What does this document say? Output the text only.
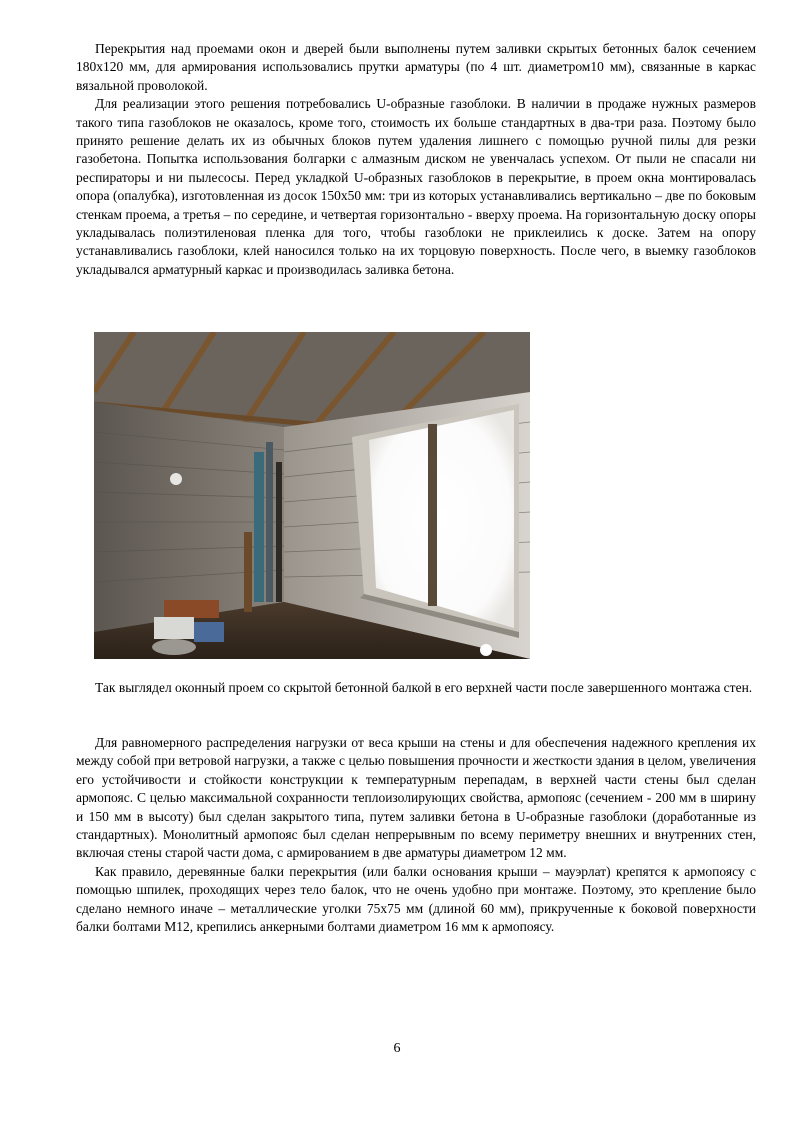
Перекрытия над проемами окон и дверей были выполнены путем заливки скрытых бетонных балок сечением 180х120 мм, для армирования использовались прутки арматуры (по 4 шт. диаметром10 мм), связанные в каркас вязальной проволокой.

Для реализации этого решения потребовались U-образные газоблоки. В наличии в продаже нужных размеров такого типа газоблоков не оказалось, кроме того, стоимость их больше стандартных в два-три раза. Поэтому было принято решение делать их из обычных блоков путем удаления лишнего с помощью ручной пилы для резки газобетона. Попытка использования болгарки с алмазным диском не увенчалась успехом. От пыли не спасали ни респираторы и ни пылесосы. Перед укладкой U-образных газоблоков в перекрытие, в проем окна монтировалась опора (опалубка), изготовленная из досок 150х50 мм: три из которых устанавливались вертикально – две по боковым стенкам проема, а третья – по середине, и четвертая горизонтально - вверху проема. На горизонтальную доску опоры укладывалась полиэтиленовая пленка для того, чтобы газоблоки не приклеились к доске. Затем на опору устанавливались газоблоки, клей наносился только на их торцовую поверхность. После чего, в выемку газоблоков укладывался арматурный каркас и производилась заливка бетона.

Так выглядел оконный проем со скрытой бетонной балкой в его верхней части после завершенного монтажа стен.

Для равномерного распределения нагрузки от веса крыши на стены и для обеспечения надежного крепления их между собой при ветровой нагрузки, а также с целью повышения прочности и жесткости здания в целом, увеличения его устойчивости и стойкости конструкции к температурным перепадам, в верхней части стены был сделан армопояс. С целью максимальной сохранности теплоизолирующих свойства, армопояс (сечением - 200 мм в ширину и 150 мм в высоту) был сделан закрытого типа, путем заливки бетона в U-образные газоблоки (доработанные из стандартных). Монолитный армопояс был сделан непрерывным по всему периметру внешних и внутренних стен, включая стены старой части дома, с армированием в две арматуры диаметром 12 мм.

Как правило, деревянные балки перекрытия (или балки основания крыши – мауэрлат) крепятся к армопоясу с помощью шпилек, проходящих через тело балок, что не очень удобно при монтаже. Поэтому, это крепление было сделано немного иначе – металлические уголки 75х75 мм (длиной 60 мм), прикрученные к боковой поверхности балки болтами М12, крепились анкерными болтами диаметром 16 мм к армопоясу.

6
